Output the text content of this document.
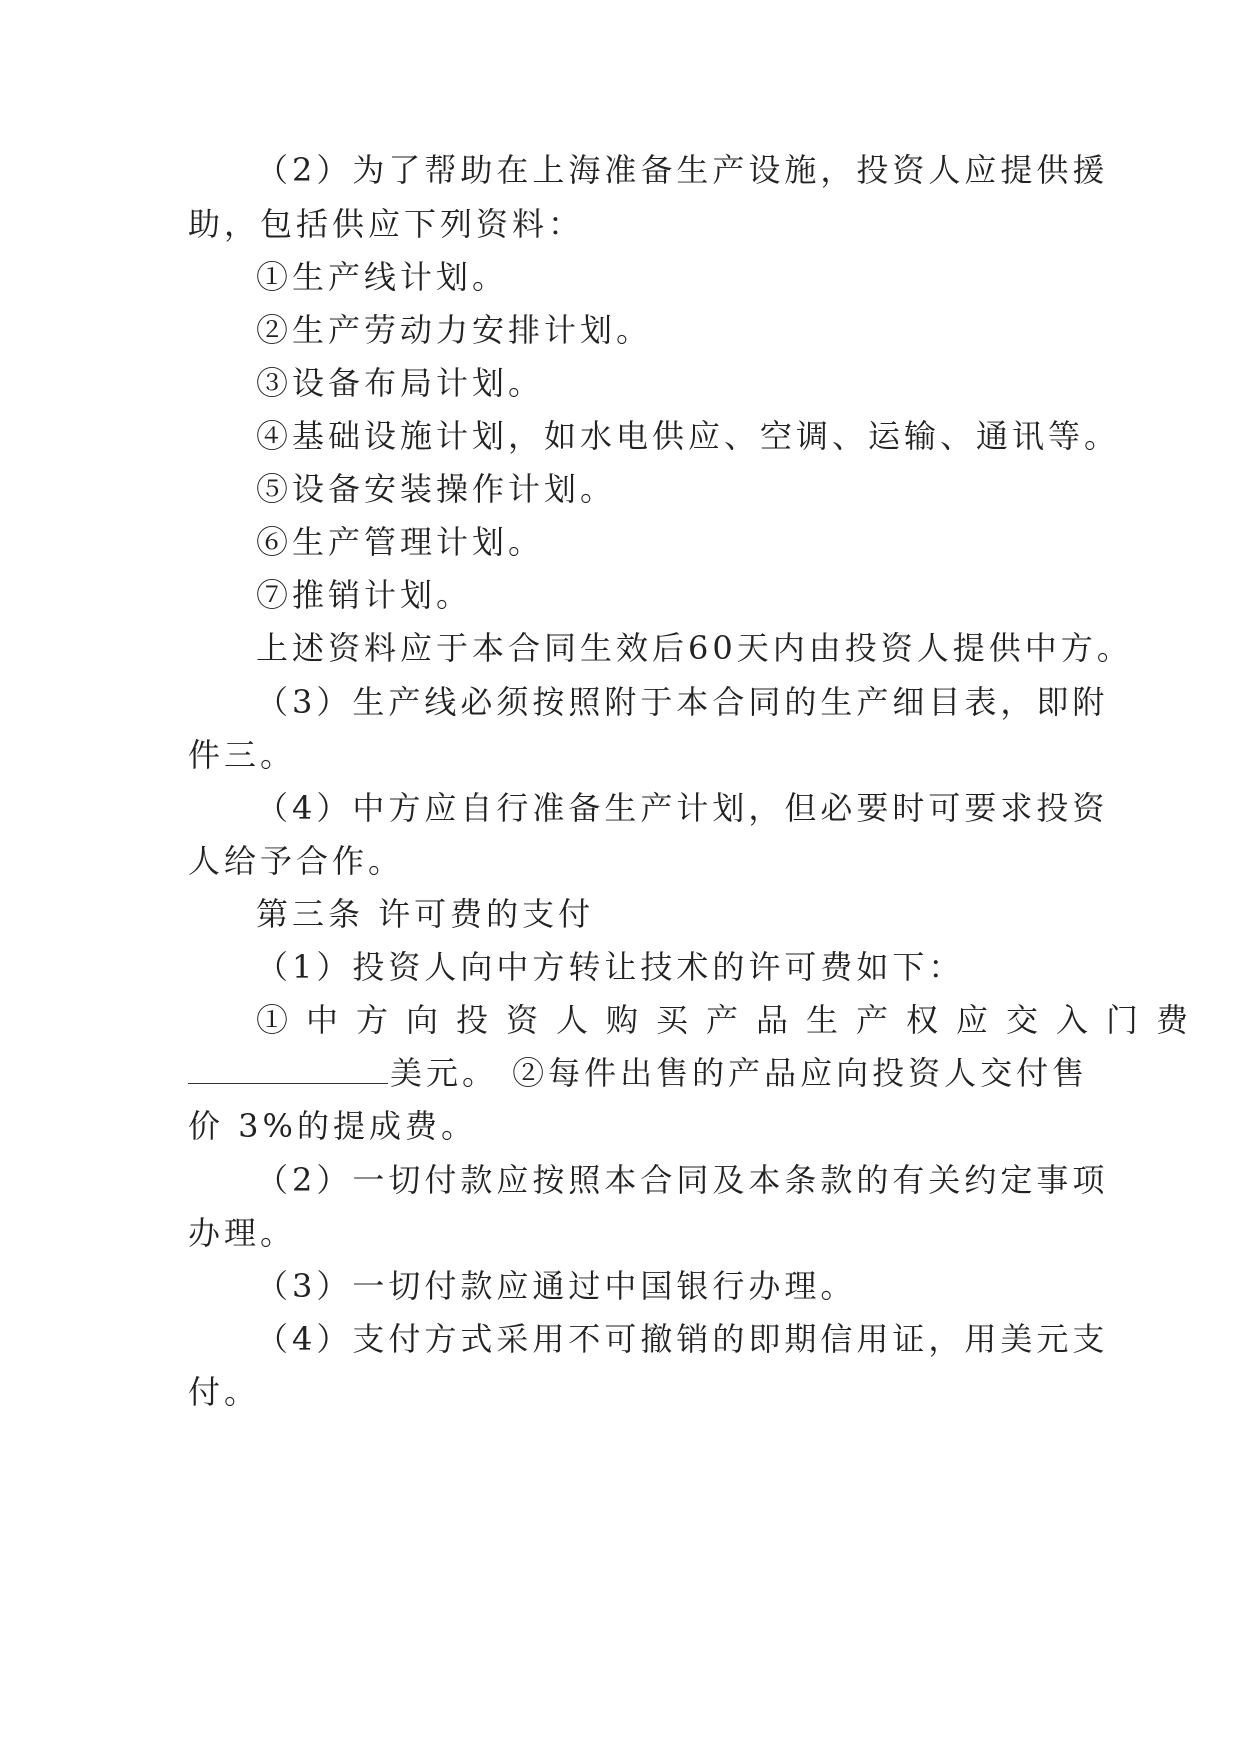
（2）为了帮助在上海准备生产设施，投资人应提供援
助，包括供应下列资料：
①生产线计划。
②生产劳动力安排计划。
③设备布局计划。
④基础设施计划，如水电供应、空调、运输、通讯等。
⑤设备安装操作计划。
⑥生产管理计划。
⑦推销计划。
上述资料应于本合同生效后60天内由投资人提供中方。
（3）生产线必须按照附于本合同的生产细目表，即附
件三。
（4）中方应自行准备生产计划，但必要时可要求投资
人给予合作。
第三条 许可费的支付
（1）投资人向中方转让技术的许可费如下：
①中方向投资人购买产品生产权应交入门费
美元。 ②每件出售的产品应向投资人交付售
价 3%的提成费。
（2）一切付款应按照本合同及本条款的有关约定事项
办理。
（3）一切付款应通过中国银行办理。
（4）支付方式采用不可撤销的即期信用证，用美元支
付。
